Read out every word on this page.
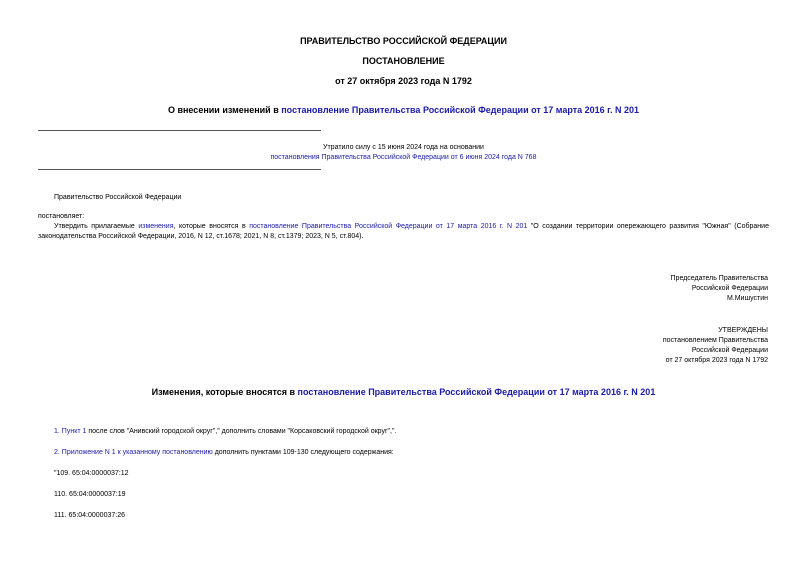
ПРАВИТЕЛЬСТВО РОССИЙСКОЙ ФЕДЕРАЦИИ
ПОСТАНОВЛЕНИЕ
от 27 октября 2023 года N 1792
О внесении изменений в постановление Правительства Российской Федерации от 17 марта 2016 г. N 201
Утратило силу с 15 июня 2024 года на основании
постановления Правительства Российской Федерации от 6 июня 2024 года N 768
Правительство Российской Федерации
постановляет:
Утвердить прилагаемые изменения, которые вносятся в постановление Правительства Российской Федерации от 17 марта 2016 г. N 201 "О создании территории опережающего развития "Южная" (Собрание законодательства Российской Федерации, 2016, N 12, ст.1678; 2021, N 8, ст.1379; 2023, N 5, ст.804).
Председатель Правительства
Российской Федерации
М.Мишустин
УТВЕРЖДЕНЫ
постановлением Правительства
Российской Федерации
от 27 октября 2023 года N 1792
Изменения, которые вносятся в постановление Правительства Российской Федерации от 17 марта 2016 г. N 201
1. Пункт 1 после слов "Анивский городской округ"," дополнить словами "Корсаковский городской округ",".
2. Приложение N 1 к указанному постановлению дополнить пунктами 109-130 следующего содержания:
"109. 65:04:0000037:12
110. 65:04:0000037:19
111. 65:04:0000037:26
